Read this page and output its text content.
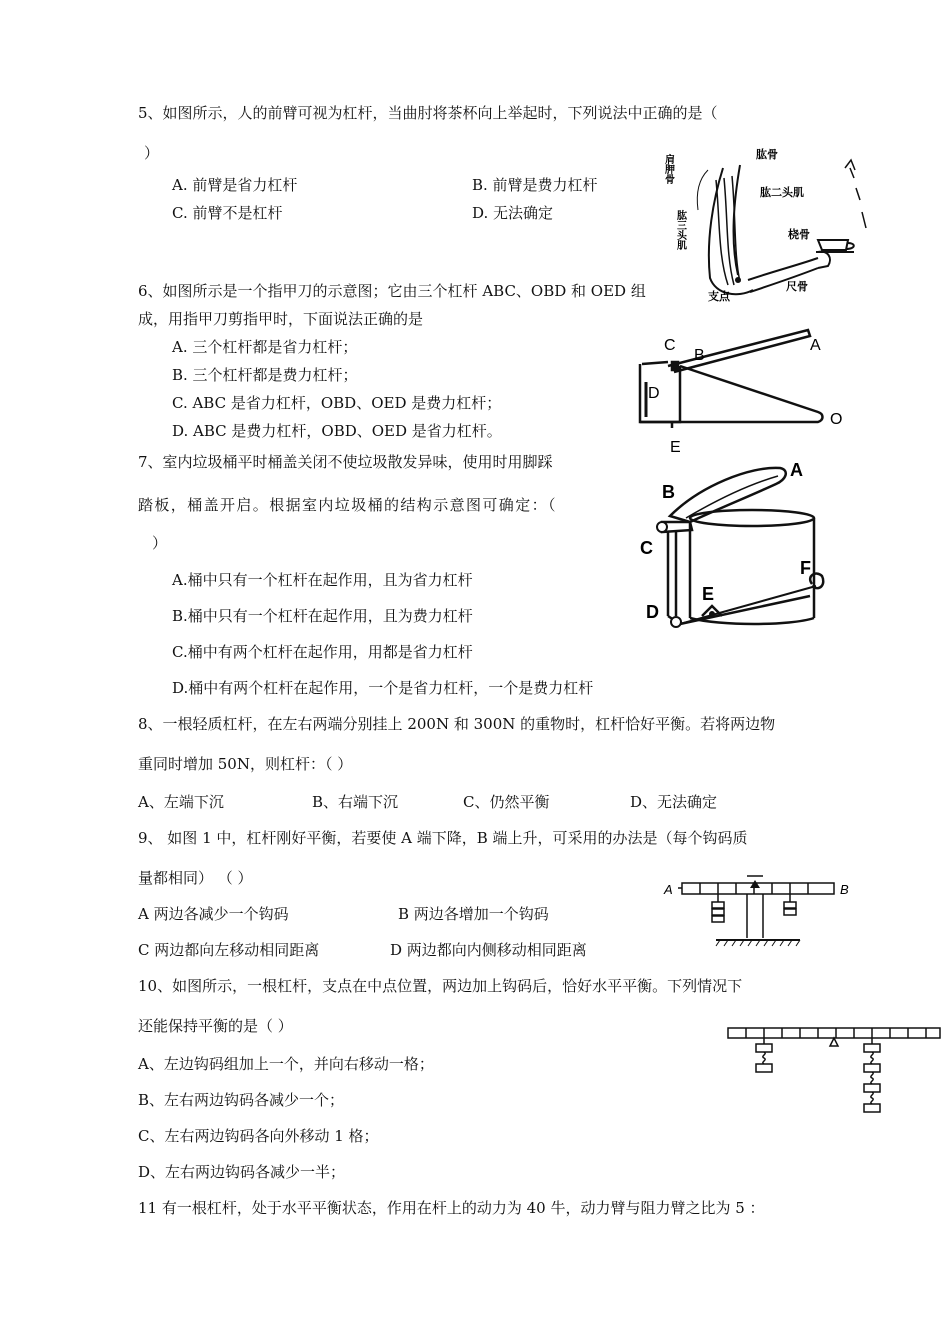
5、如图所示，人的前臂可视为杠杆，当曲肘将茶杯向上举起时，下列说法中正确的是（
）
A. 前臂是省力杠杆	B. 前臂是费力杠杆
C. 前臂不是杠杆	D. 无法确定
肩胛骨	肱骨
肱二头肌
肱三头肌	桡骨
尺骨
支点
6、如图所示是一个指甲刀的示意图；它由三个杠杆 ABC、OBD 和 OED 组
成，用指甲刀剪指甲时，下面说法正确的是
A. 三个杠杆都是省力杠杆；
B. 三个杠杆都是费力杠杆；
C. ABC 是省力杠杆，OBD、OED 是费力杠杆；
D. ABC 是费力杠杆，OBD、OED 是省力杠杆。
C
B
A
D
O
E
7、室内垃圾桶平时桶盖关闭不使垃圾散发异味，使用时用脚踩
踏板，桶盖开启。根据室内垃圾桶的结构示意图可确定：（
）
A.桶中只有一个杠杆在起作用，且为省力杠杆
B.桶中只有一个杠杆在起作用，且为费力杠杆
C.桶中有两个杠杆在起作用，用都是省力杠杆
D.桶中有两个杠杆在起作用，一个是省力杠杆，一个是费力杠杆
A
B
C
D
E
F
8、一根轻质杠杆，在左右两端分别挂上 200N 和 300N 的重物时，杠杆恰好平衡。若将两边物
重同时增加 50N，则杠杆：（ ）
A、左端下沉	B、右端下沉	C、仍然平衡	D、无法确定
9、 如图 1 中，杠杆刚好平衡，若要使 A 端下降，B 端上升，可采用的办法是（每个钩码质
量都相同） （ ）
A 两边各减少一个钩码	B 两边各增加一个钩码
C 两边都向左移动相同距离	D 两边都向内侧移动相同距离
A	B
10、如图所示，一根杠杆，支点在中点位置，两边加上钩码后，恰好水平平衡。下列情况下
还能保持平衡的是（ ）
A、左边钩码组加上一个，并向右移动一格；
B、左右两边钩码各减少一个；
C、左右两边钩码各向外移动 1 格；
D、左右两边钩码各减少一半；
11 有一根杠杆，处于水平平衡状态，作用在杆上的动力为 40 牛，动力臂与阻力臂之比为 5 ：
